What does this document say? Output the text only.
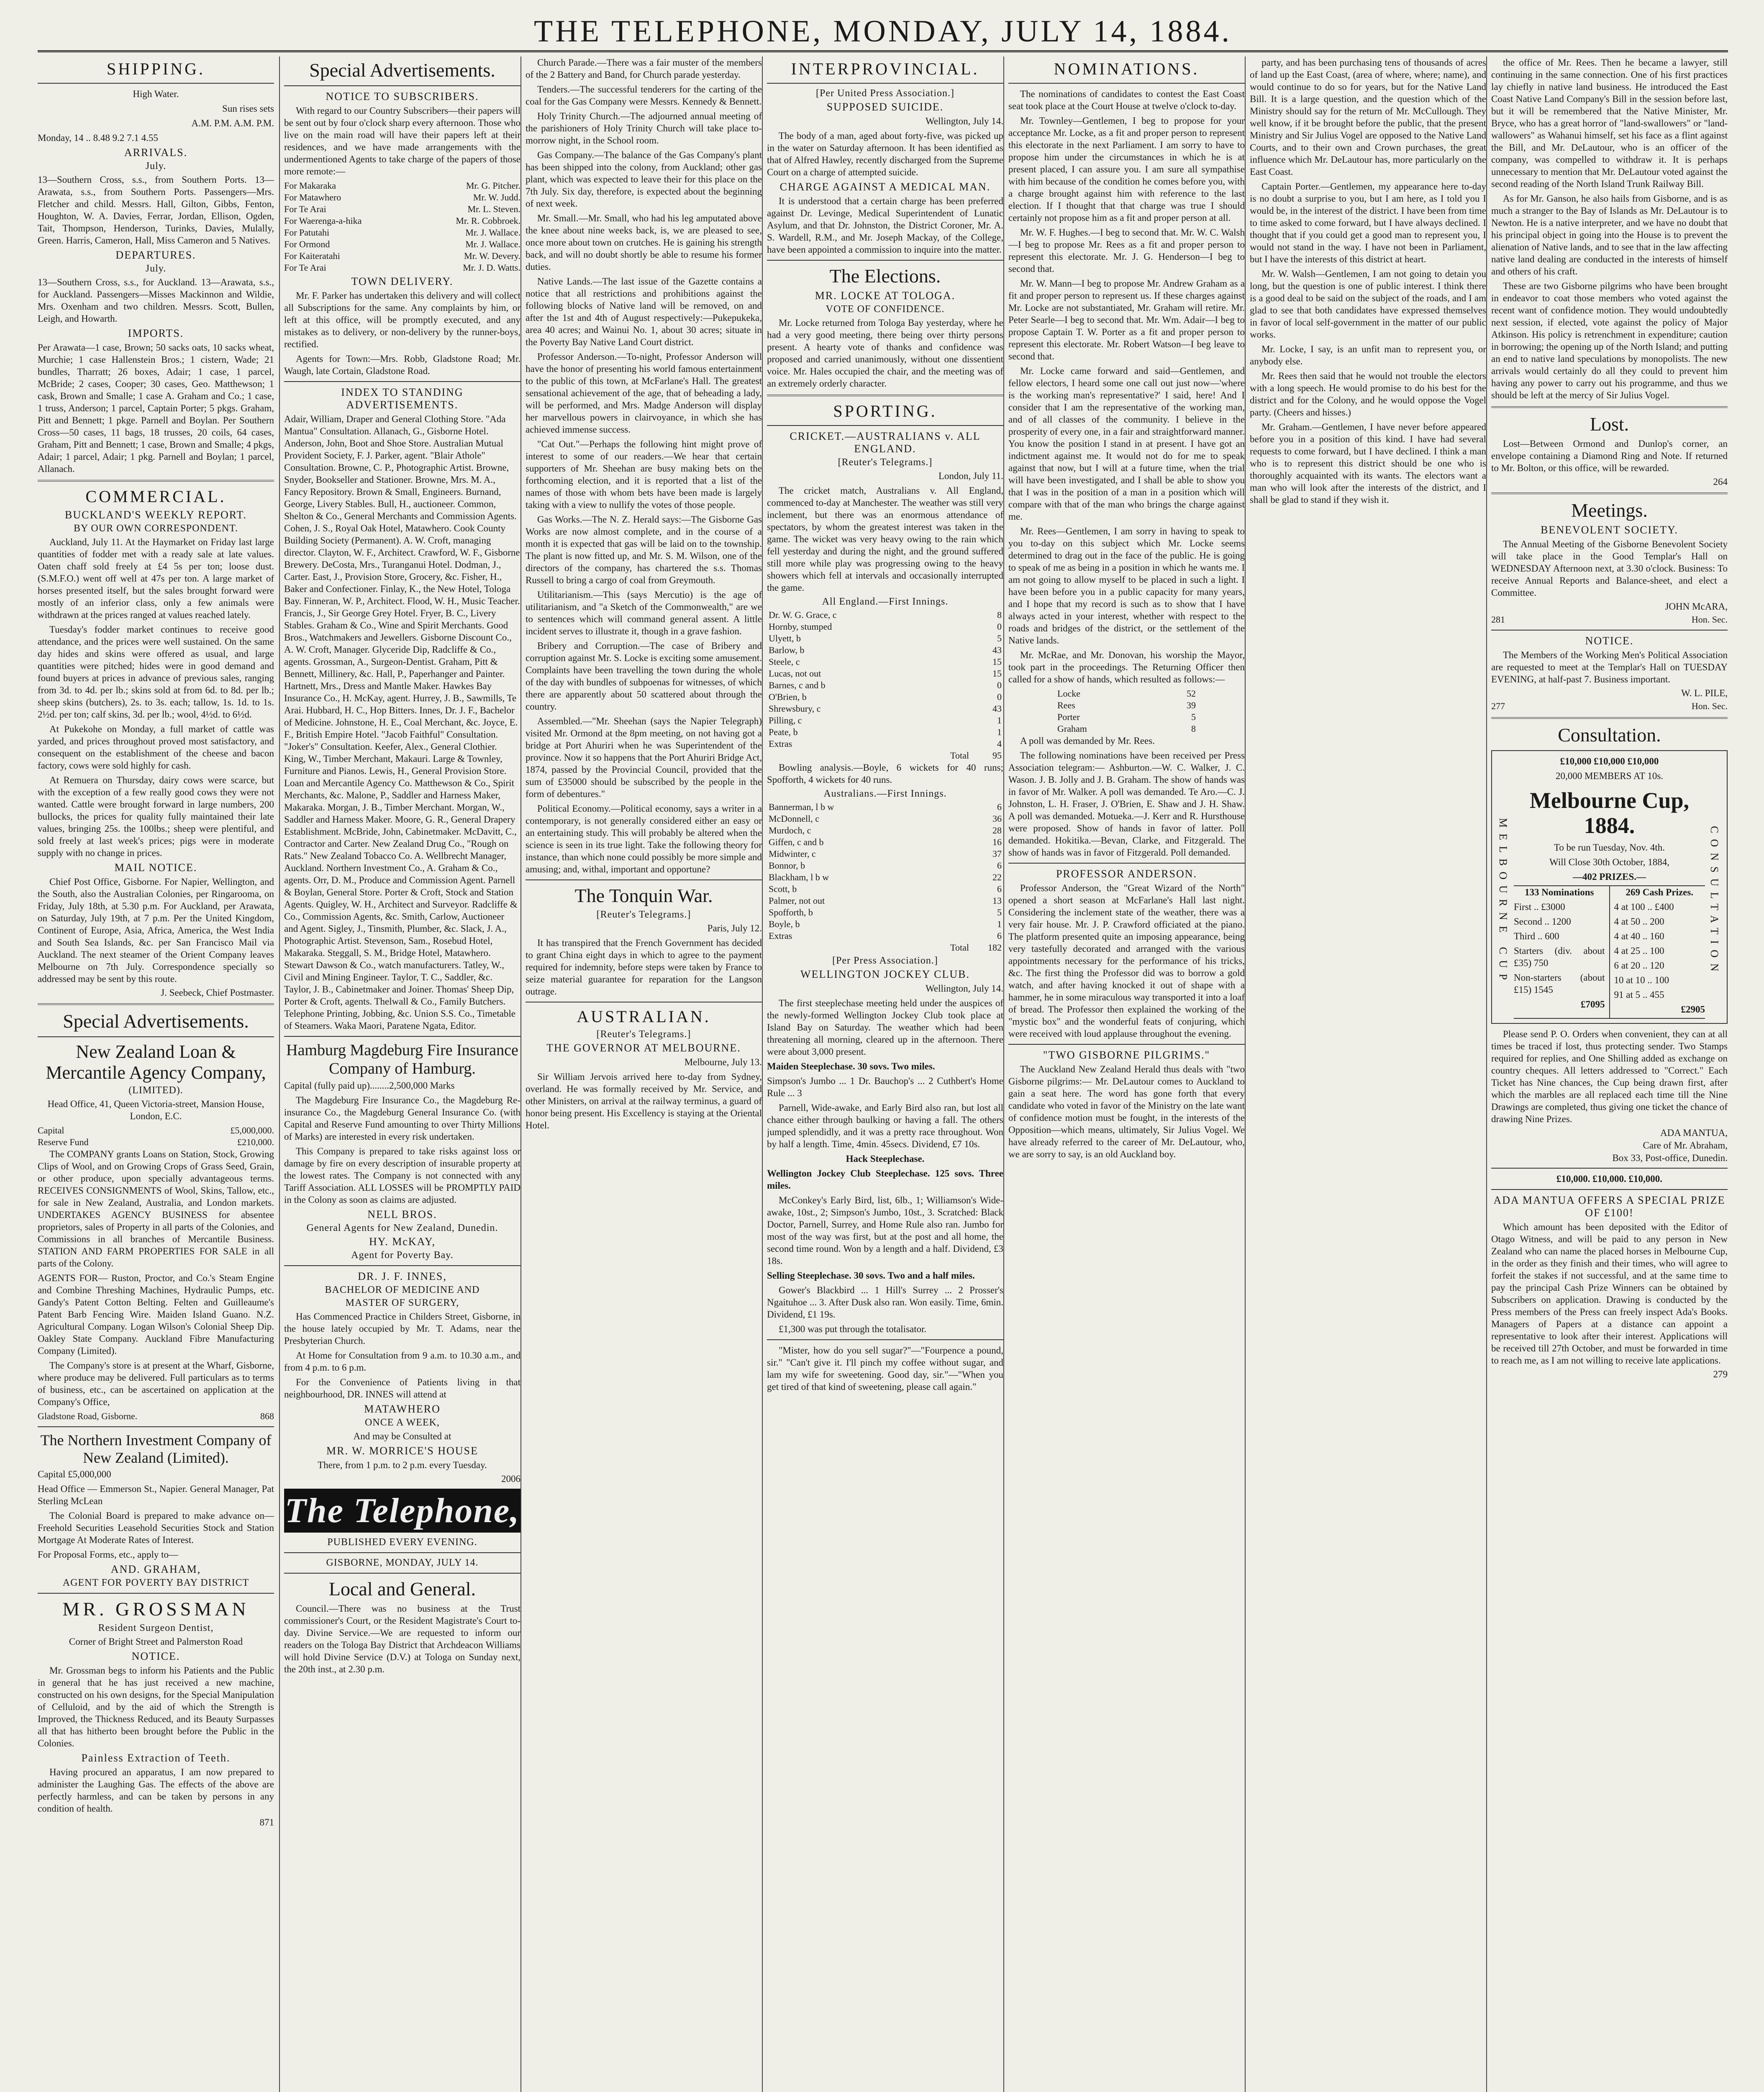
THE TELEPHONE, MONDAY, JULY 14, 1884.
SHIPPING.

High Water.

Sun rises sets

A.M. P.M. A.M. P.M.

Monday, 14 .. 8.48 9.2 7.1 4.55

ARRIVALS.
July.

13—Southern Cross, s.s., from Southern Ports. 13—Arawata, s.s., from Southern Ports. Passengers—Mrs. Fletcher and child. Messrs. Hall, Gilton, Gibbs, Fenton, Houghton, W. A. Davies, Ferrar, Jordan, Ellison, Ogden, Tait, Thompson, Henderson, Turinks, Davies, Mulally, Green. Harris, Cameron, Hall, Miss Cameron and 5 Natives.

DEPARTURES.
July.

13—Southern Cross, s.s., for Auckland. 13—Arawata, s.s., for Auckland. Passengers—Misses Mackinnon and Wildie, Mrs. Oxenham and two children. Messrs. Scott, Bullen, Leigh, and Howarth.

IMPORTS.

Per Arawata—1 case, Brown; 50 sacks oats, 10 sacks wheat, Murchie; 1 case Hallenstein Bros.; 1 cistern, Wade; 21 bundles, Tharratt; 26 boxes, Adair; 1 case, 1 parcel, McBride; 2 cases, Cooper; 30 cases, Geo. Matthewson; 1 cask, Brown and Smalle; 1 case A. Graham and Co.; 1 case, 1 truss, Anderson; 1 parcel, Captain Porter; 5 pkgs. Graham, Pitt and Bennett; 1 pkge. Parnell and Boylan. Per Southern Cross—50 cases, 11 bags, 18 trusses, 20 coils, 64 cases, Graham, Pitt and Bennett; 1 case, Brown and Smalle; 4 pkgs, Adair; 1 parcel, Adair; 1 pkg. Parnell and Boylan; 1 parcel, Allanach.

COMMERCIAL.
BUCKLAND'S WEEKLY REPORT.
BY OUR OWN CORRESPONDENT.

Auckland, July 11. At the Haymarket on Friday last large quantities of fodder met with a ready sale at late values. Oaten chaff sold freely at £4 5s per ton; loose dust. (S.M.F.O.) went off well at 47s per ton. A large market of horses presented itself, but the sales brought forward were mostly of an inferior class, only a few animals were withdrawn at the prices ranged at values reached lately.

Tuesday's fodder market continues to receive good attendance, and the prices were well sustained. On the same day hides and skins were offered as usual, and large quantities were pitched; hides were in good demand and found buyers at prices in advance of previous sales, ranging from 3d. to 4d. per lb.; skins sold at from 6d. to 8d. per lb.; sheep skins (butchers), 2s. to 3s. each; tallow, 1s. 1d. to 1s. 2½d. per ton; calf skins, 3d. per lb.; wool, 4½d. to 6½d.

At Pukekohe on Monday, a full market of cattle was yarded, and prices throughout proved most satisfactory, and consequent on the establishment of the cheese and bacon factory, cows were sold highly for cash.

At Remuera on Thursday, dairy cows were scarce, but with the exception of a few really good cows they were not wanted. Cattle were brought forward in large numbers, 200 bullocks, the prices for quality fully maintained their late values, bringing 25s. the 100lbs.; sheep were plentiful, and sold freely at last week's prices; pigs were in moderate supply with no change in prices.

MAIL NOTICE.

Chief Post Office, Gisborne. For Napier, Wellington, and the South, also the Australian Colonies, per Ringarooma, on Friday, July 18th, at 5.30 p.m. For Auckland, per Arawata, on Saturday, July 19th, at 7 p.m. Per the United Kingdom, Continent of Europe, Asia, Africa, America, the West India and South Sea Islands, &c. per San Francisco Mail via Auckland. The next steamer of the Orient Company leaves Melbourne on 7th July. Correspondence specially so addressed may be sent by this route.

J. Seebeck, Chief Postmaster.
Special Advertisements.
New Zealand Loan & Mercantile Agency Company,
(LIMITED).

Head Office, 41, Queen Victoria-street, Mansion House, London, E.C.

Capital	£5,000,000.
Reserve Fund	£210,000.

The COMPANY grants Loans on Station, Stock, Growing Clips of Wool, and on Growing Crops of Grass Seed, Grain, or other produce, upon specially advantageous terms. RECEIVES CONSIGNMENTS of Wool, Skins, Tallow, etc., for sale in New Zealand, Australia, and London markets. UNDERTAKES AGENCY BUSINESS for absentee proprietors, sales of Property in all parts of the Colonies, and Commissions in all branches of Mercantile Business. STATION AND FARM PROPERTIES FOR SALE in all parts of the Colony.

AGENTS FOR— Ruston, Proctor, and Co.'s Steam Engine and Combine Threshing Machines, Hydraulic Pumps, etc. Gandy's Patent Cotton Belting. Felten and Guilleaume's Patent Barb Fencing Wire. Maiden Island Guano. N.Z. Agricultural Company. Logan Wilson's Colonial Sheep Dip. Oakley State Company. Auckland Fibre Manufacturing Company (Limited).

The Company's store is at present at the Wharf, Gisborne, where produce may be delivered. Full particulars as to terms of business, etc., can be ascertained on application at the Company's Office,

Gladstone Road, Gisborne.	868
The Northern Investment Company of New Zealand (Limited).

Capital £5,000,000

Head Office — Emmerson St., Napier. General Manager, Pat Sterling McLean

The Colonial Board is prepared to make advance on— Freehold Securities Leasehold Securities Stock and Station Mortgage At Moderate Rates of Interest.

For Proposal Forms, etc., apply to—

AND. GRAHAM,
AGENT FOR POVERTY BAY DISTRICT
MR. GROSSMAN
Resident Surgeon Dentist,

Corner of Bright Street and Palmerston Road

NOTICE.

Mr. Grossman begs to inform his Patients and the Public in general that he has just received a new machine, constructed on his own designs, for the Special Manipulation of Celluloid, and by the aid of which the Strength is Improved, the Thickness Reduced, and its Beauty Surpasses all that has hitherto been brought before the Public in the Colonies.

Painless Extraction of Teeth.

Having procured an apparatus, I am now prepared to administer the Laughing Gas. The effects of the above are perfectly harmless, and can be taken by persons in any condition of health.

871
Special Advertisements.
NOTICE TO SUBSCRIBERS.

With regard to our Country Subscribers—their papers will be sent out by four o'clock sharp every afternoon. Those who live on the main road will have their papers left at their residences, and we have made arrangements with the undermentioned Agents to take charge of the papers of those more remote:—

For Makaraka	Mr. G. Pitcher.
For Matawhero	Mr. W. Judd.
For Te Arai	Mr. L. Steven.
For Waerenga-a-hika	Mr. R. Cobbroek.
For Patutahi	Mr. J. Wallace.
For Ormond	Mr. J. Wallace.
For Kaiteratahi	Mr. W. Devery.
For Te Arai	Mr. J. D. Watts.
TOWN DELIVERY.

Mr. F. Parker has undertaken this delivery and will collect all Subscriptions for the same. Any complaints by him, or left at this office, will be promptly executed, and any mistakes as to delivery, or non-delivery by the runner-boys, rectified.

Agents for Town:—Mrs. Robb, Gladstone Road; Mr. Waugh, late Cortain, Gladstone Road.

INDEX TO STANDING ADVERTISEMENTS.

Adair, William, Draper and General Clothing Store. "Ada Mantua" Consultation. Allanach, G., Gisborne Hotel. Anderson, John, Boot and Shoe Store. Australian Mutual Provident Society, F. J. Parker, agent. "Blair Athole" Consultation. Browne, C. P., Photographic Artist. Browne, Snyder, Bookseller and Stationer. Browne, Mrs. M. A., Fancy Repository. Brown & Small, Engineers. Burnand, George, Livery Stables. Bull, H., auctioneer. Common, Shelton & Co., General Merchants and Commission Agents. Cohen, J. S., Royal Oak Hotel, Matawhero. Cook County Building Society (Permanent). A. W. Croft, managing director. Clayton, W. F., Architect. Crawford, W. F., Gisborne Brewery. DeCosta, Mrs., Turanganui Hotel. Dodman, J., Carter. East, J., Provision Store, Grocery, &c. Fisher, H., Baker and Confectioner. Finlay, K., the New Hotel, Tologa Bay. Finneran, W. P., Architect. Flood, W. H., Music Teacher. Francis, J., Sir George Grey Hotel. Fryer, B. C., Livery Stables. Graham & Co., Wine and Spirit Merchants. Good Bros., Watchmakers and Jewellers. Gisborne Discount Co., A. W. Croft, Manager. Glyceride Dip, Radcliffe & Co., agents. Grossman, A., Surgeon-Dentist. Graham, Pitt & Bennett, Millinery, &c. Hall, P., Paperhanger and Painter. Hartnett, Mrs., Dress and Mantle Maker. Hawkes Bay Insurance Co., H. McKay, agent. Hurrey, J. B., Sawmills, Te Arai. Hubbard, H. C., Hop Bitters. Innes, Dr. J. F., Bachelor of Medicine. Johnstone, H. E., Coal Merchant, &c. Joyce, E. F., British Empire Hotel. "Jacob Faithful" Consultation. "Joker's" Consultation. Keefer, Alex., General Clothier. King, W., Timber Merchant, Makauri. Large & Townley, Furniture and Pianos. Lewis, H., General Provision Store. Loan and Mercantile Agency Co. Matthewson & Co., Spirit Merchants, &c. Malone, P., Saddler and Harness Maker, Makaraka. Morgan, J. B., Timber Merchant. Morgan, W., Saddler and Harness Maker. Moore, G. R., General Drapery Establishment. McBride, John, Cabinetmaker. McDavitt, C., Contractor and Carter. New Zealand Drug Co., "Rough on Rats." New Zealand Tobacco Co. A. Wellbrecht Manager, Auckland. Northern Investment Co., A. Graham & Co., agents. Orr, D. M., Produce and Commission Agent. Parnell & Boylan, General Store. Porter & Croft, Stock and Station Agents. Quigley, W. H., Architect and Surveyor. Radcliffe & Co., Commission Agents, &c. Smith, Carlow, Auctioneer and Agent. Sigley, J., Tinsmith, Plumber, &c. Slack, J. A., Photographic Artist. Stevenson, Sam., Rosebud Hotel, Makaraka. Steggall, S. M., Bridge Hotel, Matawhero. Stewart Dawson & Co., watch manufacturers. Tatley, W., Civil and Mining Engineer. Taylor, T. C., Saddler, &c. Taylor, J. B., Cabinetmaker and Joiner. Thomas' Sheep Dip, Porter & Croft, agents. Thelwall & Co., Family Butchers. Telephone Printing, Jobbing, &c. Union S.S. Co., Timetable of Steamers. Waka Maori, Paratene Ngata, Editor.

Hamburg Magdeburg Fire Insurance Company of Hamburg.

Capital (fully paid up)........2,500,000 Marks

The Magdeburg Fire Insurance Co., the Magdeburg Re-insurance Co., the Magdeburg General Insurance Co. (with Capital and Reserve Fund amounting to over Thirty Millions of Marks) are interested in every risk undertaken.

This Company is prepared to take risks against loss or damage by fire on every description of insurable property at the lowest rates. The Company is not connected with any Tariff Association. ALL LOSSES will be PROMPTLY PAID in the Colony as soon as claims are adjusted.

NELL BROS.
General Agents for New Zealand, Dunedin.
HY. McKAY,
Agent for Poverty Bay.
DR. J. F. INNES,
BACHELOR OF MEDICINE AND
MASTER OF SURGERY,

Has Commenced Practice in Childers Street, Gisborne, in the house lately occupied by Mr. T. Adams, near the Presbyterian Church.

At Home for Consultation from 9 a.m. to 10.30 a.m., and from 4 p.m. to 6 p.m.

For the Convenience of Patients living in that neighbourhood, DR. INNES will attend at

MATAWHERO
ONCE A WEEK,

And may be Consulted at

MR. W. MORRICE'S HOUSE

There, from 1 p.m. to 2 p.m. every Tuesday.

2006
The Telephone,
PUBLISHED EVERY EVENING.
GISBORNE, MONDAY, JULY 14.
Local and General.

Council.—There was no business at the Trust commissioner's Court, or the Resident Magistrate's Court to-day. Divine Service.—We are requested to inform our readers on the Tologa Bay District that Archdeacon Williams will hold Divine Service (D.V.) at Tologa on Sunday next, the 20th inst., at 2.30 p.m.

Church Parade.—There was a fair muster of the members of the 2 Battery and Band, for Church parade yesterday.

Tenders.—The successful tenderers for the carting of the coal for the Gas Company were Messrs. Kennedy & Bennett.

Holy Trinity Church.—The adjourned annual meeting of the parishioners of Holy Trinity Church will take place to-morrow night, in the School room.

Gas Company.—The balance of the Gas Company's plant has been shipped into the colony, from Auckland; other gas plant, which was expected to leave their for this place on the 7th July. Six day, therefore, is expected about the beginning of next week.

Mr. Small.—Mr. Small, who had his leg amputated above the knee about nine weeks back, is, we are pleased to see, once more about town on crutches. He is gaining his strength back, and will no doubt shortly be able to resume his former duties.

Native Lands.—The last issue of the Gazette contains a notice that all restrictions and prohibitions against the following blocks of Native land will be removed, on and after the 1st and 4th of August respectively:—Pukepukeka, area 40 acres; and Wainui No. 1, about 30 acres; situate in the Poverty Bay Native Land Court district.

Professor Anderson.—To-night, Professor Anderson will have the honor of presenting his world famous entertainment to the public of this town, at McFarlane's Hall. The greatest sensational achievement of the age, that of beheading a lady, will be performed, and Mrs. Madge Anderson will display her marvellous powers in clairvoyance, in which she has achieved immense success.

"Cat Out."—Perhaps the following hint might prove of interest to some of our readers.—We hear that certain supporters of Mr. Sheehan are busy making bets on the forthcoming election, and it is reported that a list of the names of those with whom bets have been made is largely taking with a view to nullify the votes of those people.

Gas Works.—The N. Z. Herald says:—The Gisborne Gas Works are now almost complete, and in the course of a month it is expected that gas will be laid on to the township. The plant is now fitted up, and Mr. S. M. Wilson, one of the directors of the company, has chartered the s.s. Thomas Russell to bring a cargo of coal from Greymouth.

Utilitarianism.—This (says Mercutio) is the age of utilitarianism, and "a Sketch of the Commonwealth," are we to sentences which will command general assent. A little incident serves to illustrate it, though in a grave fashion.

Bribery and Corruption.—The case of Bribery and corruption against Mr. S. Locke is exciting some amusement. Complaints have been travelling the town during the whole of the day with bundles of subpoenas for witnesses, of which there are apparently about 50 scattered about through the country.

Assembled.—"Mr. Sheehan (says the Napier Telegraph) visited Mr. Ormond at the 8pm meeting, on not having got a bridge at Port Ahuriri when he was Superintendent of the province. Now it so happens that the Port Ahuriri Bridge Act, 1874, passed by the Provincial Council, provided that the sum of £35000 should be subscribed by the people in the form of debentures."

Political Economy.—Political economy, says a writer in a contemporary, is not generally considered either an easy or an entertaining study. This will probably be altered when the science is seen in its true light. Take the following theory for instance, than which none could possibly be more simple and amusing; and, withal, important and opportune?

The Tonquin War.
[Reuter's Telegrams.]

Paris, July 12.

It has transpired that the French Government has decided to grant China eight days in which to agree to the payment required for indemnity, before steps were taken by France to seize material guarantee for reparation for the Langson outrage.

AUSTRALIAN.
[Reuter's Telegrams.]
THE GOVERNOR AT MELBOURNE.

Melbourne, July 13.

Sir William Jervois arrived here to-day from Sydney, overland. He was formally received by Mr. Service, and other Ministers, on arrival at the railway terminus, a guard of honor being present. His Excellency is staying at the Oriental Hotel.

INTERPROVINCIAL.
[Per United Press Association.]
SUPPOSED SUICIDE.

Wellington, July 14.

The body of a man, aged about forty-five, was picked up in the water on Saturday afternoon. It has been identified as that of Alfred Hawley, recently discharged from the Supreme Court on a charge of attempted suicide.

CHARGE AGAINST A MEDICAL MAN.

It is understood that a certain charge has been preferred against Dr. Levinge, Medical Superintendent of Lunatic Asylum, and that Dr. Johnston, the District Coroner, Mr. A. S. Wardell, R.M., and Mr. Joseph Mackay, of the College, have been appointed a commission to inquire into the matter.

The Elections.
MR. LOCKE AT TOLOGA.
VOTE OF CONFIDENCE.

Mr. Locke returned from Tologa Bay yesterday, where he had a very good meeting, there being over thirty persons present. A hearty vote of thanks and confidence was proposed and carried unanimously, without one dissentient voice. Mr. Hales occupied the chair, and the meeting was of an extremely orderly character.

SPORTING.
CRICKET.—AUSTRALIANS v. ALL ENGLAND.
[Reuter's Telegrams.]

London, July 11.

The cricket match, Australians v. All England, commenced to-day at Manchester. The weather was still very inclement, but there was an enormous attendance of spectators, by whom the greatest interest was taken in the game. The wicket was very heavy owing to the rain which fell yesterday and during the night, and the ground suffered still more while play was progressing owing to the heavy showers which fell at intervals and occasionally interrupted the game.

All England.—First Innings.
Dr. W. G. Grace, c	8
Hornby, stumped	0
Ulyett, b	5
Barlow, b	43
Steele, c	15
Lucas, not out	15
Barnes, c and b	0
O'Brien, b	0
Shrewsbury, c	43
Pilling, c	1
Peate, b	1
Extras	4
Total	95

Bowling analysis.—Boyle, 6 wickets for 40 runs; Spofforth, 4 wickets for 40 runs.

Australians.—First Innings.
Bannerman, l b w	6
McDonnell, c	36
Murdoch, c	28
Giffen, c and b	16
Midwinter, c	37
Bonnor, b	6
Blackham, l b w	22
Scott, b	6
Palmer, not out	13
Spofforth, b	5
Boyle, b	1
Extras	6
Total	182
[Per Press Association.]
WELLINGTON JOCKEY CLUB.

Wellington, July 14.

The first steeplechase meeting held under the auspices of the newly-formed Wellington Jockey Club took place at Island Bay on Saturday. The weather which had been threatening all morning, cleared up in the afternoon. There were about 3,000 present.

Maiden Steeplechase. 30 sovs. Two miles.

Simpson's Jumbo ... 1 Dr. Bauchop's ... 2 Cuthbert's Home Rule ... 3

Parnell, Wide-awake, and Early Bird also ran, but lost all chance either through baulking or having a fall. The others jumped splendidly, and it was a pretty race throughout. Won by half a length. Time, 4min. 45secs. Dividend, £7 10s.

Hack Steeplechase.

Wellington Jockey Club Steeplechase. 125 sovs. Three miles.

McConkey's Early Bird, list, 6lb., 1; Williamson's Wide-awake, 10st., 2; Simpson's Jumbo, 10st., 3. Scratched: Black Doctor, Parnell, Surrey, and Home Rule also ran. Jumbo for most of the way was first, but at the post and all home, the second time round. Won by a length and a half. Dividend, £3 18s.

Selling Steeplechase. 30 sovs. Two and a half miles.

Gower's Blackbird ... 1 Hill's Surrey ... 2 Prosser's Ngaituhoe ... 3. After Dusk also ran. Won easily. Time, 6min. Dividend, £1 19s.

£1,300 was put through the totalisator.

"Mister, how do you sell sugar?"—"Fourpence a pound, sir." "Can't give it. I'll pinch my coffee without sugar, and lam my wife for sweetening. Good day, sir."—"When you get tired of that kind of sweetening, please call again."

NOMINATIONS.

The nominations of candidates to contest the East Coast seat took place at the Court House at twelve o'clock to-day.

Mr. Townley—Gentlemen, I beg to propose for your acceptance Mr. Locke, as a fit and proper person to represent this electorate in the next Parliament. I am sorry to have to propose him under the circumstances in which he is at present placed, I can assure you. I am sure all sympathise with him because of the condition he comes before you, with a charge brought against him with reference to the last election. If I thought that that charge was true I should certainly not propose him as a fit and proper person at all.

Mr. W. F. Hughes.—I beg to second that. Mr. W. C. Walsh—I beg to propose Mr. Rees as a fit and proper person to represent this electorate. Mr. J. G. Henderson—I beg to second that.

Mr. W. Mann—I beg to propose Mr. Andrew Graham as a fit and proper person to represent us. If these charges against Mr. Locke are not substantiated, Mr. Graham will retire. Mr. Peter Searle—I beg to second that. Mr. Wm. Adair—I beg to propose Captain T. W. Porter as a fit and proper person to represent this electorate. Mr. Robert Watson—I beg leave to second that.

Mr. Locke came forward and said—Gentlemen, and fellow electors, I heard some one call out just now—'where is the working man's representative?' I said, here! And I consider that I am the representative of the working man, and of all classes of the community. I believe in the prosperity of every one, in a fair and straightforward manner. You know the position I stand in at present. I have got an indictment against me. It would not do for me to speak against that now, but I will at a future time, when the trial will have been investigated, and I shall be able to show you that I was in the position of a man in a position which will compare with that of the man who brings the charge against me.

Mr. Rees—Gentlemen, I am sorry in having to speak to you to-day on this subject which Mr. Locke seems determined to drag out in the face of the public. He is going to speak of me as being in a position in which he wants me. I am not going to allow myself to be placed in such a light. I have been before you in a public capacity for many years, and I hope that my record is such as to show that I have always acted in your interest, whether with respect to the roads and bridges of the district, or the settlement of the Native lands.

Mr. McRae, and Mr. Donovan, his worship the Mayor, took part in the proceedings. The Returning Officer then called for a show of hands, which resulted as follows:—

Locke	52
Rees	39
Porter	5
Graham	8

A poll was demanded by Mr. Rees.

The following nominations have been received per Press Association telegram:— Ashburton.—W. C. Walker, J. C. Wason. J. B. Jolly and J. B. Graham. The show of hands was in favor of Mr. Walker. A poll was demanded. Te Aro.—C. J. Johnston, L. H. Fraser, J. O'Brien, E. Shaw and J. H. Shaw. A poll was demanded. Motueka.—J. Kerr and R. Hursthouse were proposed. Show of hands in favor of latter. Poll demanded. Hokitika.—Bevan, Clarke, and Fitzgerald. The show of hands was in favor of Fitzgerald. Poll demanded.

PROFESSOR ANDERSON.

Professor Anderson, the "Great Wizard of the North" opened a short season at McFarlane's Hall last night. Considering the inclement state of the weather, there was a very fair house. Mr. J. P. Crawford officiated at the piano. The platform presented quite an imposing appearance, being very tastefully decorated and arranged with the various appointments necessary for the performance of his tricks, &c. The first thing the Professor did was to borrow a gold watch, and after having knocked it out of shape with a hammer, he in some miraculous way transported it into a loaf of bread. The Professor then explained the working of the "mystic box" and the wonderful feats of conjuring, which were received with loud applause throughout the evening.

"TWO GISBORNE PILGRIMS."

The Auckland New Zealand Herald thus deals with "two Gisborne pilgrims:— Mr. DeLautour comes to Auckland to gain a seat here. The word has gone forth that every candidate who voted in favor of the Ministry on the late want of confidence motion must be fought, in the interests of the Opposition—which means, ultimately, Sir Julius Vogel. We have already referred to the career of Mr. DeLautour, who, we are sorry to say, is an old Auckland boy.

party, and has been purchasing tens of thousands of acres of land up the East Coast, (area of where, where; name), and would continue to do so for years, but for the Native Land Bill. It is a large question, and the question which of the Ministry should say for the return of Mr. McCullough. They well know, if it be brought before the public, that the present Ministry and Sir Julius Vogel are opposed to the Native Land Courts, and to their own and Crown purchases, the great influence which Mr. DeLautour has, more particularly on the East Coast.

Captain Porter.—Gentlemen, my appearance here to-day is no doubt a surprise to you, but I am here, as I told you I would be, in the interest of the district. I have been from time to time asked to come forward, but I have always declined. I thought that if you could get a good man to represent you, I would not stand in the way. I have not been in Parliament, but I have the interests of this district at heart.

Mr. W. Walsh—Gentlemen, I am not going to detain you long, but the question is one of public interest. I think there is a good deal to be said on the subject of the roads, and I am glad to see that both candidates have expressed themselves in favor of local self-government in the matter of our public works.

Mr. Locke, I say, is an unfit man to represent you, or anybody else.

Mr. Rees then said that he would not trouble the electors with a long speech. He would promise to do his best for the district and for the Colony, and he would oppose the Vogel party. (Cheers and hisses.)

Mr. Graham.—Gentlemen, I have never before appeared before you in a position of this kind. I have had several requests to come forward, but I have declined. I think a man who is to represent this district should be one who is thoroughly acquainted with its wants. The electors want a man who will look after the interests of the district, and I shall be glad to stand if they wish it.

the office of Mr. Rees. Then he became a lawyer, still continuing in the same connection. One of his first practices lay chiefly in native land business. He introduced the East Coast Native Land Company's Bill in the session before last, but it will be remembered that the Native Minister, Mr. Bryce, who has a great horror of "land-swallowers" or "land-wallowers" as Wahanui himself, set his face as a flint against the Bill, and Mr. DeLautour, who is an officer of the company, was compelled to withdraw it. It is perhaps unnecessary to mention that Mr. DeLautour voted against the second reading of the North Island Trunk Railway Bill.

As for Mr. Ganson, he also hails from Gisborne, and is as much a stranger to the Bay of Islands as Mr. DeLautour is to Newton. He is a native interpreter, and we have no doubt that his principal object in going into the House is to prevent the alienation of Native lands, and to see that in the law affecting native land dealing are conducted in the interests of himself and others of his craft.

These are two Gisborne pilgrims who have been brought in endeavor to coat those members who voted against the recent want of confidence motion. They would undoubtedly next session, if elected, vote against the policy of Major Atkinson. His policy is retrenchment in expenditure; caution in borrowing; the opening up of the North Island; and putting an end to native land speculations by monopolists. The new arrivals would certainly do all they could to prevent him having any power to carry out his programme, and thus we should be left at the mercy of Sir Julius Vogel.

Lost.

Lost—Between Ormond and Dunlop's corner, an envelope containing a Diamond Ring and Note. If returned to Mr. Bolton, or this office, will be rewarded.

264
Meetings.
BENEVOLENT SOCIETY.

The Annual Meeting of the Gisborne Benevolent Society will take place in the Good Templar's Hall on WEDNESDAY Afternoon next, at 3.30 o'clock. Business: To receive Annual Reports and Balance-sheet, and elect a Committee.

JOHN McARA,
281	Hon. Sec.
NOTICE.

The Members of the Working Men's Political Association are requested to meet at the Templar's Hall on TUESDAY EVENING, at half-past 7. Business important.

W. L. PILE,
277	Hon. Sec.
Consultation.

£10,000 £10,000 £10,000

20,000 MEMBERS AT 10s.

MELBOURNE CUP
Melbourne Cup, 1884.

To be run Tuesday, Nov. 4th.

Will Close 30th October, 1884,

—402 PRIZES.—

133 Nominations

First .. £3000

Second .. 1200

Third .. 600

Starters (div. about £35) 750

Non-starters (about £15) 1545

£7095

269 Cash Prizes.

4 at 100 .. £400

4 at 50 .. 200

4 at 40 .. 160

4 at 25 .. 100

6 at 20 .. 120

10 at 10 .. 100

91 at 5 .. 455

£2905

CONSULTATION

Please send P. O. Orders when convenient, they can at all times be traced if lost, thus protecting sender. Two Stamps required for replies, and One Shilling added as exchange on country cheques. All letters addressed to "Correct." Each Ticket has Nine chances, the Cup being drawn first, after which the marbles are all replaced each time till the Nine Drawings are completed, thus giving one ticket the chance of drawing Nine Prizes.

ADA MANTUA,
Care of Mr. Abraham,
Box 33, Post-office, Dunedin.

£10,000. £10,000. £10,000.

ADA MANTUA OFFERS A SPECIAL PRIZE OF £100!

Which amount has been deposited with the Editor of Otago Witness, and will be paid to any person in New Zealand who can name the placed horses in Melbourne Cup, in the order as they finish and their times, who will agree to forfeit the stakes if not successful, and at the same time to pay the principal Cash Prize Winners can be obtained by Subscribers on application. Drawing is conducted by the Press members of the Press can freely inspect Ada's Books. Managers of Papers at a distance can appoint a representative to look after their interest. Applications will be received till 27th October, and must be forwarded in time to reach me, as I am not willing to receive late applications.

279
